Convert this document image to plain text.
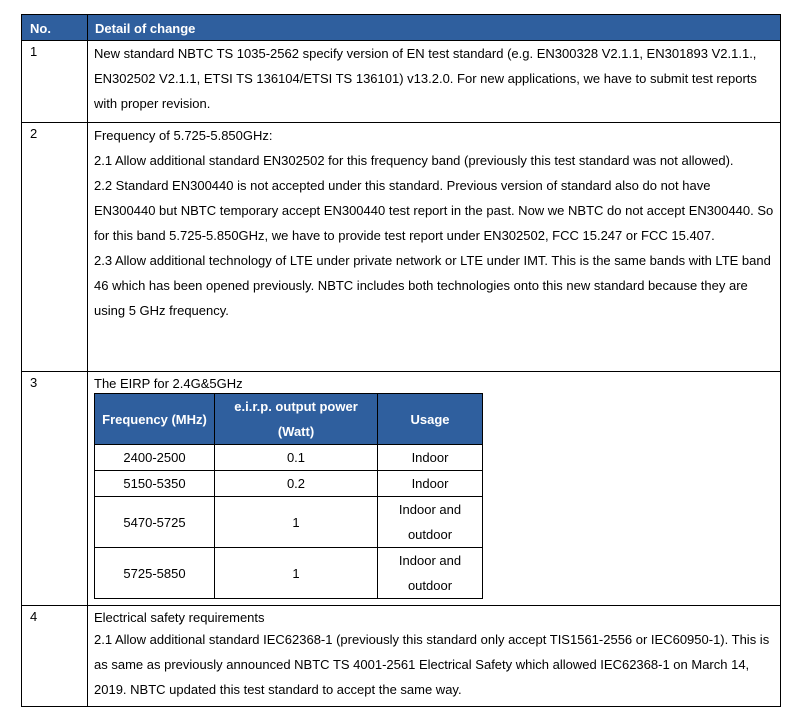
No.	Detail of change
1	New standard NBTC TS 1035-2562 specify version of EN test standard (e.g. EN300328 V2.1.1, EN301893 V2.1.1., EN302502 V2.1.1, ETSI TS 136104/ETSI TS 136101) v13.2.0. For new applications, we have to submit test reports with proper revision.

2	Frequency of 5.725-5.850GHz:

2.1 Allow additional standard EN302502 for this frequency band (previously this test standard was not allowed).

2.2 Standard EN300440 is not accepted under this standard. Previous version of standard also do not have EN300440 but NBTC temporary accept EN300440 test report in the past. Now we NBTC do not accept EN300440. So for this band 5.725-5.850GHz, we have to provide test report under EN302502, FCC 15.247 or FCC 15.407.

2.3 Allow additional technology of LTE under private network or LTE under IMT. This is the same bands with LTE band 46 which has been opened previously. NBTC includes both technologies onto this new standard because they are using 5 GHz frequency.

3	The EIRP for 2.4G&5GHz

Frequency (MHz)	e.i.r.p. output power (Watt)	Usage
2400-2500	0.1	Indoor
5150-5350	0.2	Indoor
5470-5725	1	Indoor and outdoor
5725-5850	1	Indoor and outdoor

4	Electrical safety requirements

2.1 Allow additional standard IEC62368-1 (previously this standard only accept TIS1561-2556 or IEC60950-1). This is as same as previously announced NBTC TS 4001-2561 Electrical Safety which allowed IEC62368-1 on March 14, 2019. NBTC updated this test standard to accept the same way.
